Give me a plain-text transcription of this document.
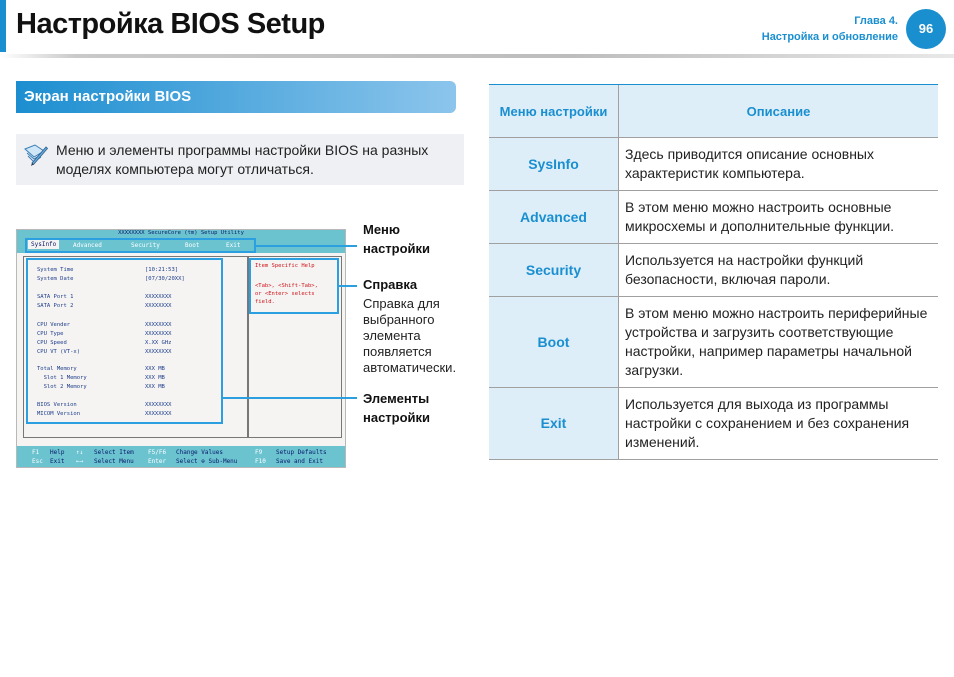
Настройка BIOS Setup	Глава 4.
Настройка и обновление
96
Экран настройки BIOS
Меню и элементы программы настройки BIOS на разных моделях компьютера могут отличаться.
XXXXXXXX SecureCore (tm) Setup Utility
SysInfo	Advanced	Security	Boot	Exit
System Time	[10:21:53]
System Date	[07/30/20XX]
SATA Port 1	XXXXXXXX
SATA Port 2	XXXXXXXX
CPU Vender	XXXXXXXX
CPU Type	XXXXXXXX
CPU Speed	X.XX GHz
CPU VT (VT-x)	XXXXXXXX
Total Memory	XXX MB
Slot 1 Memory	XXX MB
Slot 2 Memory	XXX MB
BIOS Version	XXXXXXXX
MICOM Version	XXXXXXXX
Item Specific Help
<Tab>, <Shift-Tab>,
or <Enter> selects
field.
F1 Help
Esc Exit
↑↓ Select Item
←→ Select Menu
F5/F6 Change Values
Enter Select ⊕ Sub-Menu
F9 Setup Defaults
F10 Save and Exit
Меню настройки
Справка
Справка для выбранного элемента появляется автоматически.
Элементы настройки
Меню настройки	Описание
SysInfo	Здесь приводится описание основных характеристик компьютера.
Advanced	В этом меню можно настроить основные микросхемы и дополнительные функции.
Security	Используется на настройки функций безопасности, включая пароли.
Boot	В этом меню можно настроить периферийные устройства и загрузить соответствующие настройки, например параметры начальной загрузки.
Exit	Используется для выхода из программы настройки с сохранением и без сохранения изменений.
